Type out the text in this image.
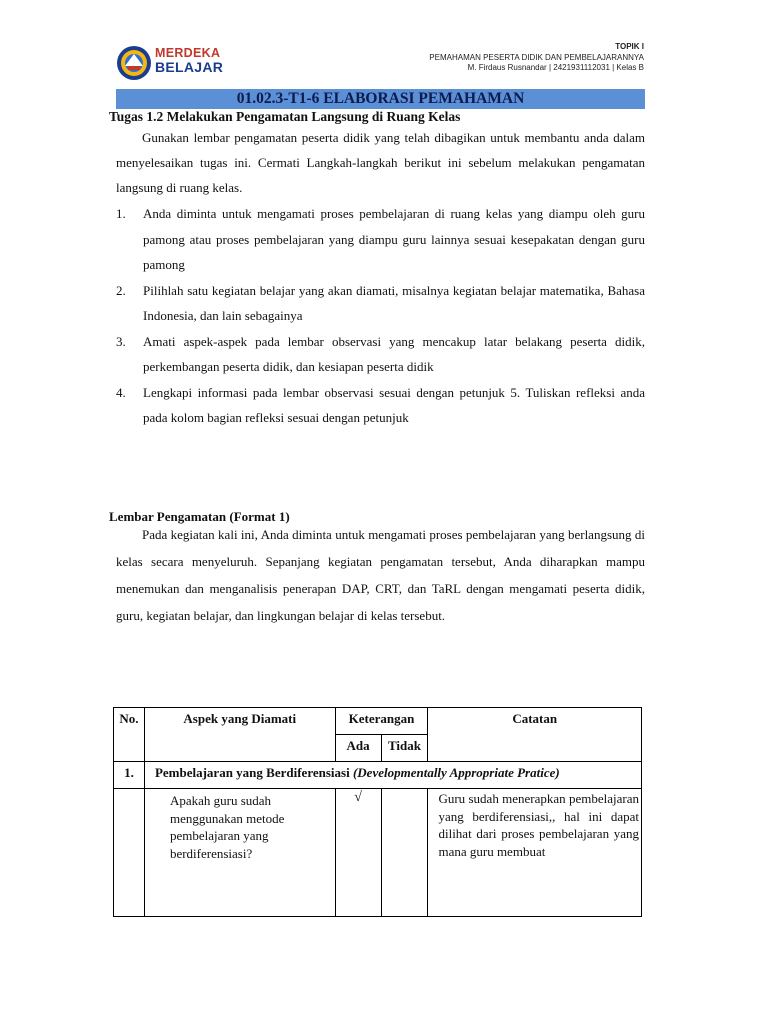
MERDEKA
BELAJAR
TOPIK I
PEMAHAMAN PESERTA DIDIK DAN PEMBELAJARANNYA
M. Firdaus Rusnandar | 2421931112031 | Kelas B
01.02.3-T1-6 ELABORASI PEMAHAMAN
Tugas 1.2 Melakukan Pengamatan Langsung di Ruang Kelas
Gunakan lembar pengamatan peserta didik yang telah dibagikan untuk membantu anda dalam menyelesaikan tugas ini. Cermati Langkah-langkah berikut ini sebelum melakukan pengamatan langsung di ruang kelas.
1. Anda diminta untuk mengamati proses pembelajaran di ruang kelas yang diampu oleh guru pamong atau proses pembelajaran yang diampu guru lainnya sesuai kesepakatan dengan guru pamong
2. Pilihlah satu kegiatan belajar yang akan diamati, misalnya kegiatan belajar matematika, Bahasa Indonesia, dan lain sebagainya
3. Amati aspek-aspek pada lembar observasi yang mencakup latar belakang peserta didik, perkembangan peserta didik, dan kesiapan peserta didik
4. Lengkapi informasi pada lembar observasi sesuai dengan petunjuk 5. Tuliskan refleksi anda pada kolom bagian refleksi sesuai dengan petunjuk
Lembar Pengamatan (Format 1)
Pada kegiatan kali ini, Anda diminta untuk mengamati proses pembelajaran yang berlangsung di kelas secara menyeluruh. Sepanjang kegiatan pengamatan tersebut, Anda diharapkan mampu menemukan dan menganalisis penerapan DAP, CRT, dan TaRL dengan mengamati peserta didik, guru, kegiatan belajar, dan lingkungan belajar di kelas tersebut.
No.	Aspek yang Diamati	Keterangan		Catatan
		Ada	Tidak	
1.	Pembelajaran yang Berdiferensiasi (Developmentally Appropriate Pratice)			
	Apakah guru sudah menggunakan metode pembelajaran yang berdiferensiasi?	√		Guru sudah menerapkan pembelajaran yang berdiferensiasi,, hal ini dapat dilihat dari proses pembelajaran yang mana guru membuat
